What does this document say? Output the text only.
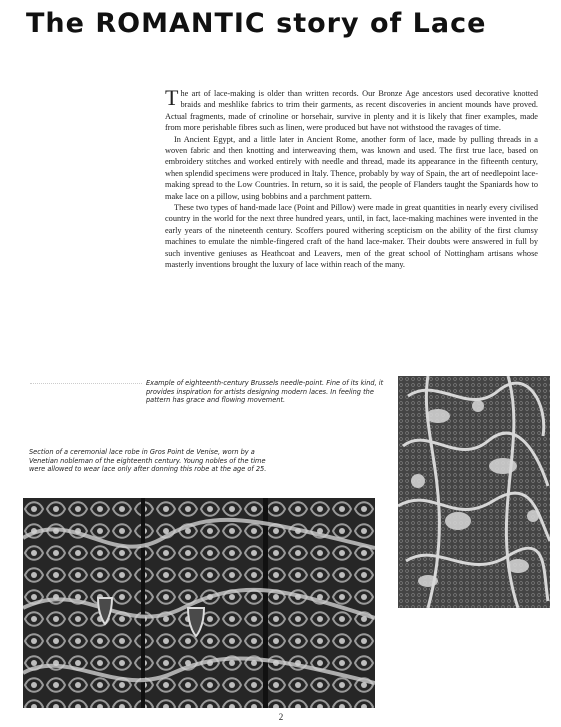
The ROMANTIC story of Lace

The art of lace-making is older than written records. Our Bronze Age ancestors used decorative knotted braids and meshlike fabrics to trim their garments, as recent discoveries in ancient mounds have proved. Actual fragments, made of crinoline or horsehair, survive in plenty and it is likely that finer examples, made from more perishable fibres such as linen, were produced but have not withstood the ravages of time.

In Ancient Egypt, and a little later in Ancient Rome, another form of lace, made by pulling threads in a woven fabric and then knotting and interweaving them, was known and used. The first true lace, based on embroidery stitches and worked entirely with needle and thread, made its appearance in the fifteenth century, when splendid specimens were produced in Italy. Thence, probably by way of Spain, the art of needlepoint lace-making spread to the Low Countries. In return, so it is said, the people of Flanders taught the Spaniards how to make lace on a pillow, using bobbins and a parchment pattern.

These two types of hand-made lace (Point and Pillow) were made in great quantities in nearly every civilised country in the world for the next three hundred years, until, in fact, lace-making machines were invented in the early years of the nineteenth century. Scoffers poured withering scepticism on the ability of the first clumsy machines to emulate the nimble-fingered craft of the hand lace-maker. Their doubts were answered in full by such inventive geniuses as Heathcoat and Leavers, men of the great school of Nottingham artisans whose masterly inventions brought the luxury of lace within reach of the many.

Example of eighteenth-century Brussels needle-point. Fine of its kind, it provides inspiration for artists designing modern laces. In feeling the pattern has grace and flowing movement.
Section of a ceremonial lace robe in Gros Point de Venise, worn by a Venetian nobleman of the eighteenth century. Young nobles of the time were allowed to wear lace only after donning this robe at the age of 25.
2
